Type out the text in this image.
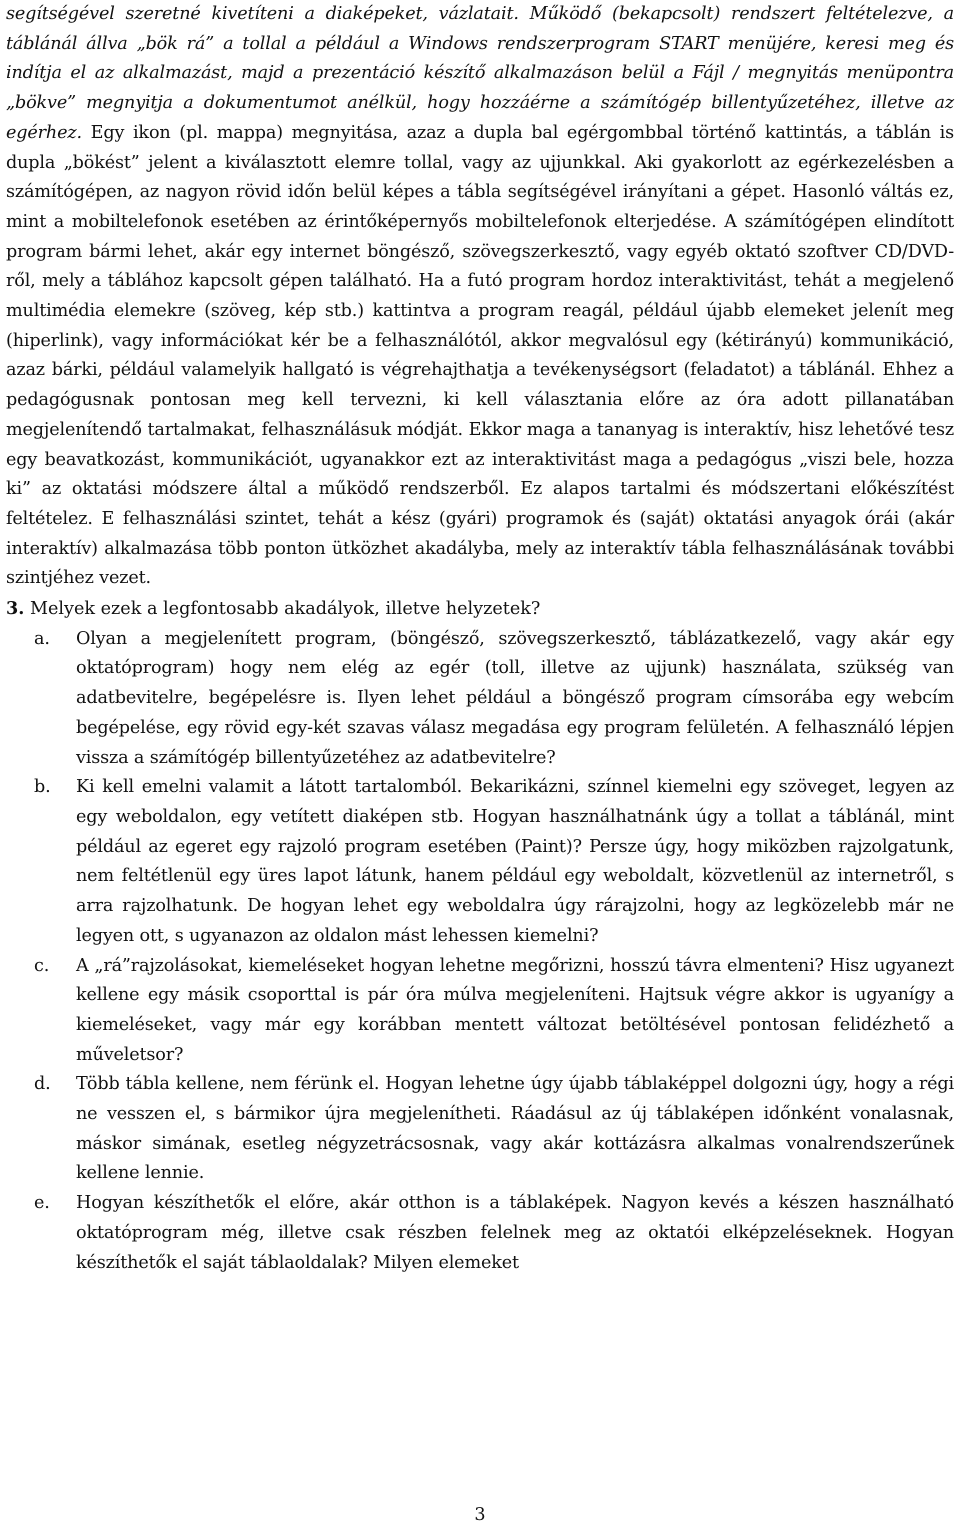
segítségével szeretné kivetíteni a diaképeket, vázlatait. Működő (bekapcsolt) rendszert feltételezve, a táblánál állva „bök rá” a tollal a például a Windows rendszerprogram START menüjére, keresi meg és indítja el az alkalmazást, majd a prezentáció készítő alkalmazáson belül a Fájl / megnyitás menüpontra „bökve” megnyitja a dokumentumot anélkül, hogy hozzáérne a számítógép billentyűzetéhez, illetve az egérhez. Egy ikon (pl. mappa) megnyitása, azaz a dupla bal egérgombbal történő kattintás, a táblán is dupla „bökést” jelent a kiválasztott elemre tollal, vagy az ujjunkkal. Aki gyakorlott az egérkezelésben a számítógépen, az nagyon rövid időn belül képes a tábla segítségével irányítani a gépet. Hasonló váltás ez, mint a mobiltelefonok esetében az érintőképernyős mobiltelefonok elterjedése. A számítógépen elindított program bármi lehet, akár egy internet böngésző, szövegszerkesztő, vagy egyéb oktató szoftver CD/DVD-ről, mely a táblához kapcsolt gépen található. Ha a futó program hordoz interaktivitást, tehát a megjelenő multimédia elemekre (szöveg, kép stb.) kattintva a program reagál, például újabb elemeket jelenít meg (hiperlink), vagy információkat kér be a felhasználótól, akkor megvalósul egy (kétirányú) kommunikáció, azaz bárki, például valamelyik hallgató is végrehajthatja a tevékenységsort (feladatot) a táblánál. Ehhez a pedagógusnak pontosan meg kell tervezni, ki kell választania előre az óra adott pillanatában megjelenítendő tartalmakat, felhasználásuk módját. Ekkor maga a tananyag is interaktív, hisz lehetővé tesz egy beavatkozást, kommunikációt, ugyanakkor ezt az interaktivitást maga a pedagógus „viszi bele, hozza ki” az oktatási módszere által a működő rendszerből. Ez alapos tartalmi és módszertani előkészítést feltételez. E felhasználási szintet, tehát a kész (gyári) programok és (saját) oktatási anyagok órái (akár interaktív) alkalmazása több ponton ütközhet akadályba, mely az interaktív tábla felhasználásának további szintjéhez vezet.

3. Melyek ezek a legfontosabb akadályok, illetve helyzetek?

a. Olyan a megjelenített program, (böngésző, szövegszerkesztő, táblázatkezelő, vagy akár egy oktatóprogram) hogy nem elég az egér (toll, illetve az ujjunk) használata, szükség van adatbevitelre, begépelésre is. Ilyen lehet például a böngésző program címsorába egy webcím begépelése, egy rövid egy-két szavas válasz megadása egy program felületén. A felhasználó lépjen vissza a számítógép billentyűzetéhez az adatbevitelre?
b. Ki kell emelni valamit a látott tartalomból. Bekarikázni, színnel kiemelni egy szöveget, legyen az egy weboldalon, egy vetített diaképen stb. Hogyan használhatnánk úgy a tollat a táblánál, mint például az egeret egy rajzoló program esetében (Paint)? Persze úgy, hogy miközben rajzolgatunk, nem feltétlenül egy üres lapot látunk, hanem például egy weboldalt, közvetlenül az internetről, s arra rajzolhatunk. De hogyan lehet egy weboldalra úgy rárajzolni, hogy az legközelebb már ne legyen ott, s ugyanazon az oldalon mást lehessen kiemelni?
c. A „rá”rajzolásokat, kiemeléseket hogyan lehetne megőrizni, hosszú távra elmenteni? Hisz ugyanezt kellene egy másik csoporttal is pár óra múlva megjeleníteni. Hajtsuk végre akkor is ugyanígy a kiemeléseket, vagy már egy korábban mentett változat betöltésével pontosan felidézhető a műveletsor?
d. Több tábla kellene, nem férünk el. Hogyan lehetne úgy újabb táblaképpel dolgozni úgy, hogy a régi ne vesszen el, s bármikor újra megjelenítheti. Ráadásul az új táblaképen időnként vonalasnak, máskor simának, esetleg négyzetrácsosnak, vagy akár kottázásra alkalmas vonalrendszerűnek kellene lennie.
e. Hogyan készíthetők el előre, akár otthon is a táblaképek. Nagyon kevés a készen használható oktatóprogram még, illetve csak részben felelnek meg az oktatói elképzeléseknek. Hogyan készíthetők el saját táblaoldalak? Milyen elemeket
3
